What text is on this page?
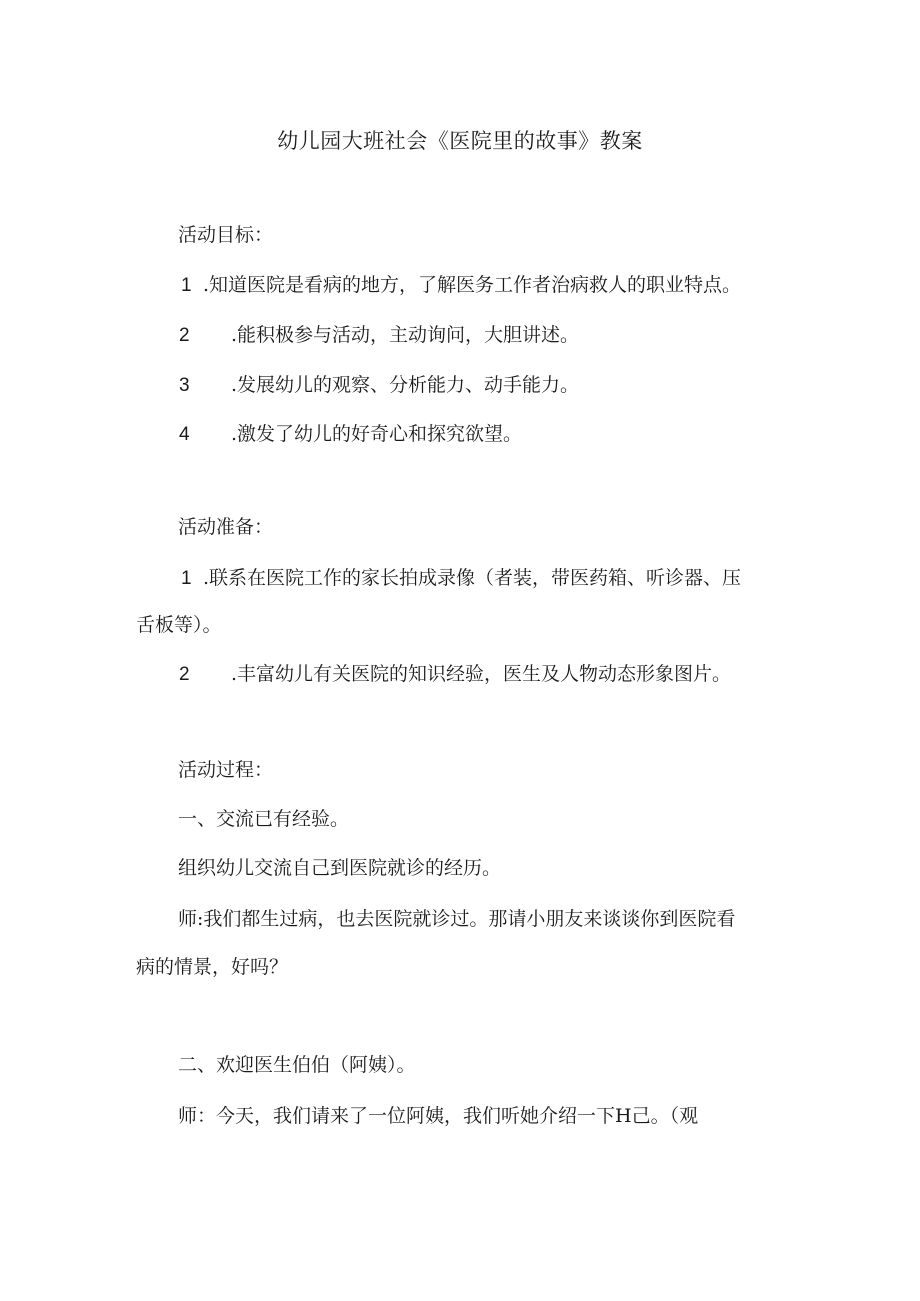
幼儿园大班社会《医院里的故事》教案
活动目标：
1 .知道医院是看病的地方，了解医务工作者治病救人的职业特点。
2 .能积极参与活动，主动询问，大胆讲述。
3 .发展幼儿的观察、分析能力、动手能力。
4 .激发了幼儿的好奇心和探究欲望。
活动准备：
1 .联系在医院工作的家长拍成录像（者装，带医药箱、听诊器、压
舌板等）。
2 .丰富幼儿有关医院的知识经验，医生及人物动态形象图片。
活动过程：
一、交流已有经验。
组织幼儿交流自己到医院就诊的经历。
师:我们都生过病，也去医院就诊过。那请小朋友来谈谈你到医院看
病的情景，好吗？
二、欢迎医生伯伯（阿姨）。
师：今天，我们请来了一位阿姨，我们听她介绍一下H己。（观
